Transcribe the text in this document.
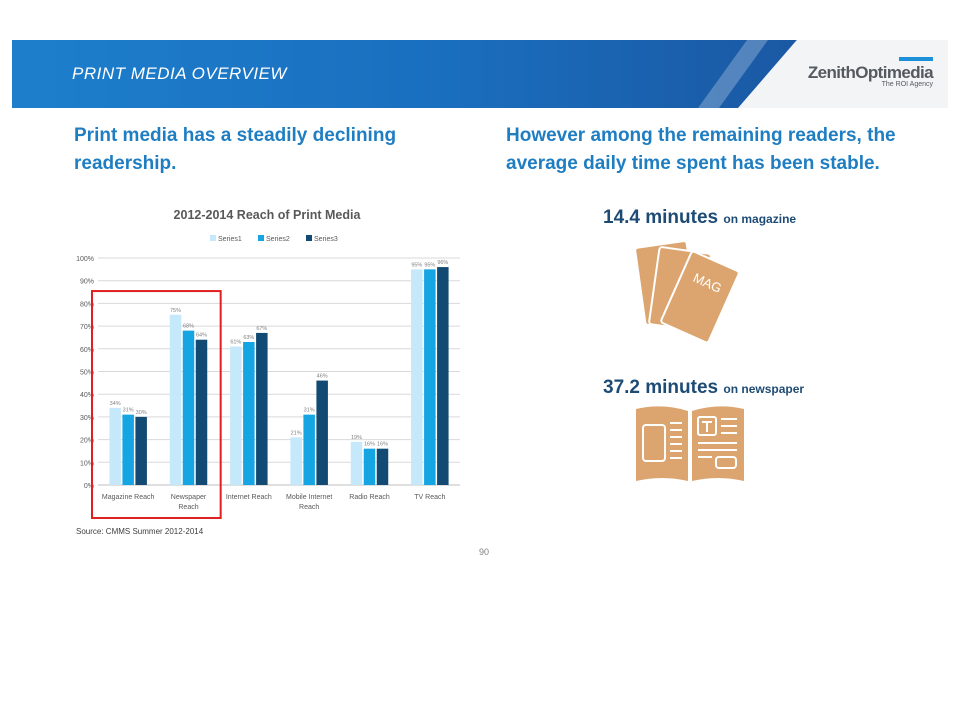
PRINT MEDIA OVERVIEW	ZenithOptimedia
The ROI Agency
Print media has a steadily declining readership.
However among the remaining readers, the average daily time spent has been stable.
2012-2014 Reach of Print Media
Series1	Series2	Series3
0%
10%
20%
30%
40%
50%
60%
70%
80%
90%
100%
34%
31% 30%
75%
68%
64%
61%
63%
67%
21%
31%
46%
19%
16% 16%
95% 95% 96%
Magazine Reach Newspaper
Reach
Internet Reach Mobile Internet
Reach
Radio Reach	TV Reach
Source: CMMS Summer 2012-2014
14.4 minutes on magazine
MAG
37.2 minutes on newspaper
90
